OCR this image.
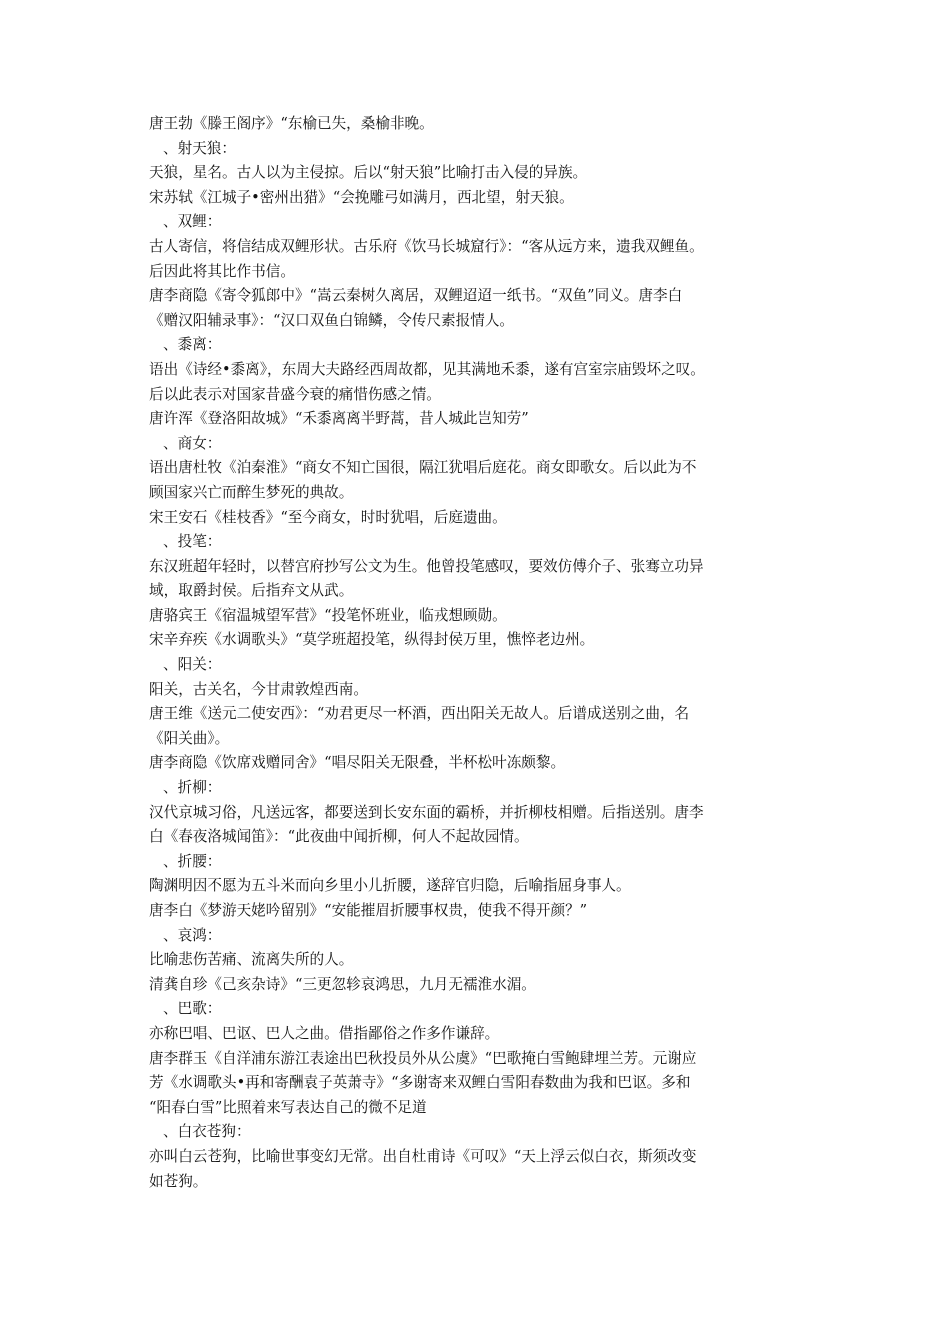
唐王勃《滕王阁序》“东榆已失，桑榆非晚。
、射天狼：
天狼，星名。古人以为主侵掠。后以“射天狼”比喻打击入侵的异族。
宋苏轼《江城子•密州出猎》“会挽雕弓如满月，西北望，射天狼。
、双鲤：
古人寄信，将信结成双鲤形状。古乐府《饮马长城窟行》：“客从远方来，遗我双鲤鱼。
后因此将其比作书信。
唐李商隐《寄令狐郎中》“嵩云秦树久离居，双鲤迢迢一纸书。“双鱼”同义。唐李白
《赠汉阳辅录事》：“汉口双鱼白锦鳞，令传尺素报情人。
、黍离：
语出《诗经•黍离》，东周大夫路经西周故都，见其满地禾黍，遂有宫室宗庙毁坏之叹。
后以此表示对国家昔盛今衰的痛惜伤感之情。
唐许浑《登洛阳故城》“禾黍离离半野蒿，昔人城此岂知劳”
、商女：
语出唐杜牧《泊秦淮》“商女不知亡国很，隔江犹唱后庭花。商女即歌女。后以此为不
顾国家兴亡而醉生梦死的典故。
宋王安石《桂枝香》“至今商女，时时犹唱，后庭遗曲。
、投笔：
东汉班超年轻时，以替宫府抄写公文为生。他曾投笔感叹，要效仿傅介子、张骞立功异
域，取爵封侯。后指弃文从武。
唐骆宾王《宿温城望军营》“投笔怀班业，临戎想顾勋。
宋辛弃疾《水调歌头》“莫学班超投笔，纵得封侯万里，憔悴老边州。
、阳关：
阳关，古关名，今甘肃敦煌西南。
唐王维《送元二使安西》：“劝君更尽一杯酒，西出阳关无故人。后谱成送别之曲，名
《阳关曲》。
唐李商隐《饮席戏赠同舍》“唱尽阳关无限叠，半杯松叶冻颇黎。
、折柳：
汉代京城习俗，凡送远客，都要送到长安东面的霸桥，并折柳枝相赠。后指送别。唐李
白《春夜洛城闻笛》：“此夜曲中闻折柳，何人不起故园情。
、折腰：
陶渊明因不愿为五斗米而向乡里小儿折腰，遂辞官归隐，后喻指屈身事人。
唐李白《梦游天姥吟留别》“安能摧眉折腰事权贵，使我不得开颜？”
、哀鸿：
比喻悲伤苦痛、流离失所的人。
清龚自珍《己亥杂诗》“三更忽轸哀鸿思，九月无襦淮水湄。
、巴歌：
亦称巴唱、巴讴、巴人之曲。借指鄙俗之作多作谦辞。
唐李群玉《自洋浦东游江表途出巴秋投员外从公虞》“巴歌掩白雪鲍肆埋兰芳。元谢应
芳《水调歌头•再和寄酬袁子英萧寺》“多谢寄来双鲤白雪阳春数曲为我和巴讴。多和
“阳春白雪”比照着来写表达自己的微不足道
、白衣苍狗：
亦叫白云苍狗，比喻世事变幻无常。出自杜甫诗《可叹》“天上浮云似白衣，斯须改变
如苍狗。
